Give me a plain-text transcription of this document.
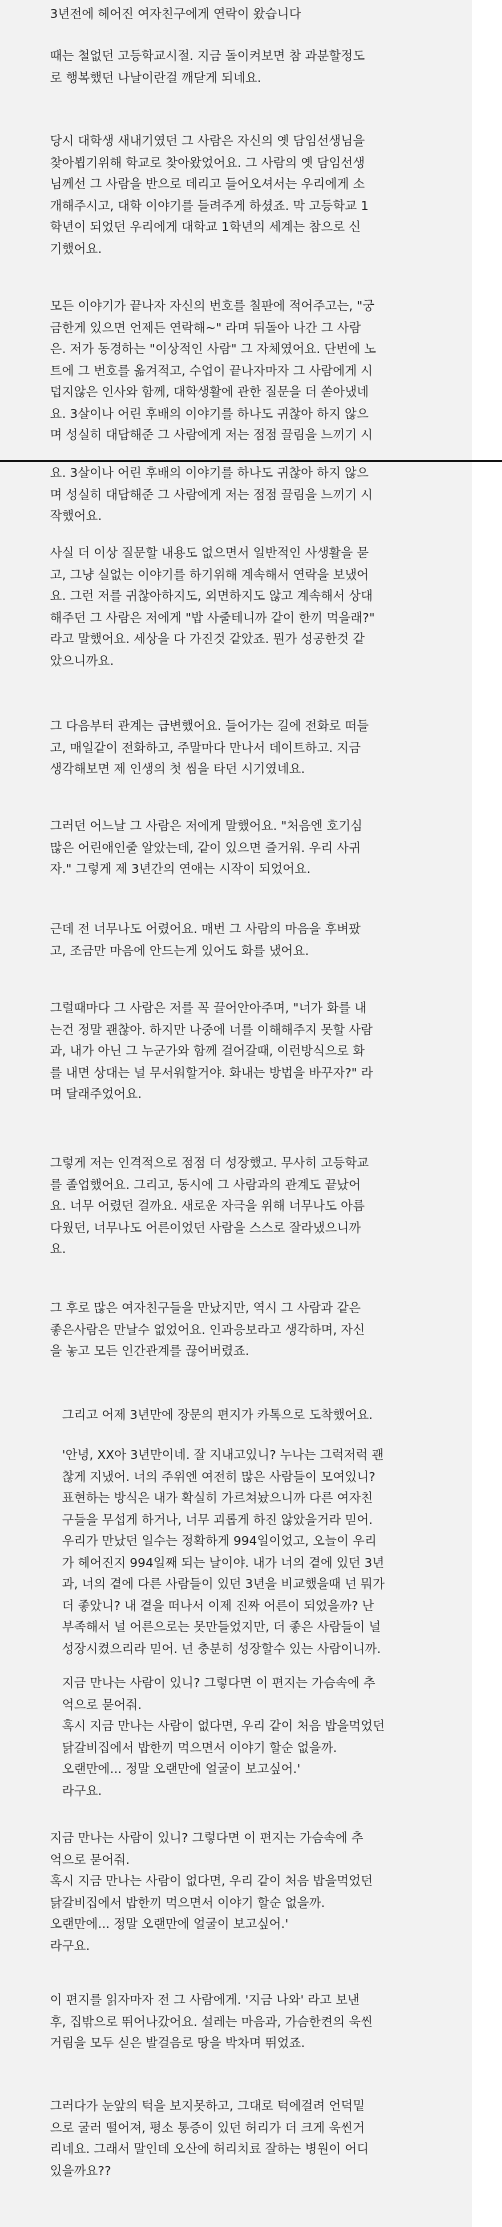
3년전에 헤어진 여자친구에게 연락이 왔습니다

때는 철없던 고등학교시절. 지금 돌이켜보면 참 과분할정도
로 행복했던 나날이란걸 깨닫게 되네요.

당시 대학생 새내기였던 그 사람은 자신의 옛 담임선생님을
찾아뵙기위해 학교로 찾아왔었어요. 그 사람의 옛 담임선생
님께선 그 사람을 반으로 데리고 들어오셔서는 우리에게 소
개해주시고, 대학 이야기를 들려주게 하셨죠. 막 고등학교 1
학년이 되었던 우리에게 대학교 1학년의 세계는 참으로 신
기했어요.

모든 이야기가 끝나자 자신의 번호를 칠판에 적어주고는, "궁
금한게 있으면 언제든 연락해~" 라며 뒤돌아 나간 그 사람
은. 저가 동경하는 "이상적인 사람" 그 자체였어요. 단번에 노
트에 그 번호를 옮겨적고, 수업이 끝나자마자 그 사람에게 시
덥지않은 인사와 함께, 대학생활에 관한 질문을 더 쏟아냈네
요. 3살이나 어린 후배의 이야기를 하나도 귀찮아 하지 않으
며 성실히 대답해준 그 사람에게 저는 점점 끌림을 느끼기 시

요. 3살이나 어린 후배의 이야기를 하나도 귀찮아 하지 않으
며 성실히 대답해준 그 사람에게 저는 점점 끌림을 느끼기 시
작했어요.

사실 더 이상 질문할 내용도 없으면서 일반적인 사생활을 묻
고, 그냥 실없는 이야기를 하기위해 계속해서 연락을 보냈어
요. 그런 저를 귀찮아하지도, 외면하지도 않고 계속해서 상대
해주던 그 사람은 저에게 "밥 사줄테니까 같이 한끼 먹을래?"
라고 말했어요. 세상을 다 가진것 같았죠. 뭔가 성공한것 같
았으니까요.

그 다음부터 관계는 급변했어요. 들어가는 길에 전화로 떠들
고, 매일같이 전화하고, 주말마다 만나서 데이트하고. 지금
생각해보면 제 인생의 첫 씸을 타던 시기였네요.

그러던 어느날 그 사람은 저에게 말했어요. "처음엔 호기심
많은 어린애인줄 알았는데, 같이 있으면 즐거워. 우리 사귀
자." 그렇게 제 3년간의 연애는 시작이 되었어요.

근데 전 너무나도 어렸어요. 매번 그 사람의 마음을 후벼팠
고, 조금만 마음에 안드는게 있어도 화를 냈어요.

그럴때마다 그 사람은 저를 꼭 끌어안아주며, "너가 화를 내
는건 정말 괜찮아. 하지만 나중에 너를 이해해주지 못할 사람
과, 내가 아닌 그 누군가와 함께 걸어갈때, 이런방식으로 화
를 내면 상대는 널 무서워할거야. 화내는 방법을 바꾸자?" 라
며 달래주었어요.

그렇게 저는 인격적으로 점점 더 성장했고. 무사히 고등학교
를 졸업했어요. 그리고, 동시에 그 사람과의 관계도 끝났어
요. 너무 어렸던 걸까요. 새로운 자극을 위해 너무나도 아름
다웠던, 너무나도 어른이었던 사람을 스스로 잘라냈으니까
요.

그 후로 많은 여자친구들을 만났지만, 역시 그 사람과 같은
좋은사람은 만날수 없었어요. 인과응보라고 생각하며, 자신
을 놓고 모든 인간관계를 끊어버렸죠.

그리고 어제 3년만에 장문의 편지가 카톡으로 도착했어요.

'안녕, XX아 3년만이네. 잘 지내고있니? 누나는 그럭저럭 괜
찮게 지냈어. 너의 주위엔 여전히 많은 사람들이 모여있니?
표현하는 방식은 내가 확실히 가르쳐놨으니까 다른 여자친
구들을 무섭게 하거나, 너무 괴롭게 하진 않았을거라 믿어.
우리가 만났던 일수는 정확하게 994일이었고, 오늘이 우리
가 헤어진지 994일째 되는 날이야. 내가 너의 곁에 있던 3년
과, 너의 곁에 다른 사람들이 있던 3년을 비교했을때 넌 뭐가
더 좋았니? 내 곁을 떠나서 이제 진짜 어른이 되었을까? 난
부족해서 널 어른으로는 못만들었지만, 더 좋은 사람들이 널
성장시켰으리라 믿어. 넌 충분히 성장할수 있는 사람이니까.

지금 만나는 사람이 있니? 그렇다면 이 편지는 가슴속에 추
억으로 묻어줘.
혹시 지금 만나는 사람이 없다면, 우리 같이 처음 밥을먹었던
닭갈비집에서 밥한끼 먹으면서 이야기 할순 없을까.
오랜만에... 정말 오랜만에 얼굴이 보고싶어.'
라구요.

지금 만나는 사람이 있니? 그렇다면 이 편지는 가슴속에 추
억으로 묻어줘.
혹시 지금 만나는 사람이 없다면, 우리 같이 처음 밥을먹었던
닭갈비집에서 밥한끼 먹으면서 이야기 할순 없을까.
오랜만에... 정말 오랜만에 얼굴이 보고싶어.'
라구요.

이 편지를 읽자마자 전 그 사람에게. '지금 나와' 라고 보낸
후, 집밖으로 뛰어나갔어요. 설레는 마음과, 가슴한켠의 욱씬
거림을 모두 싣은 발걸음로 땅을 박차며 뛰었죠.

그러다가 눈앞의 턱을 보지못하고, 그대로 턱에걸려 언덕밑
으로 굴러 떨어져, 평소 통증이 있던 허리가 더 크게 욱씬거
리네요. 그래서 말인데 오산에 허리치료 잘하는 병원이 어디
있을까요??
